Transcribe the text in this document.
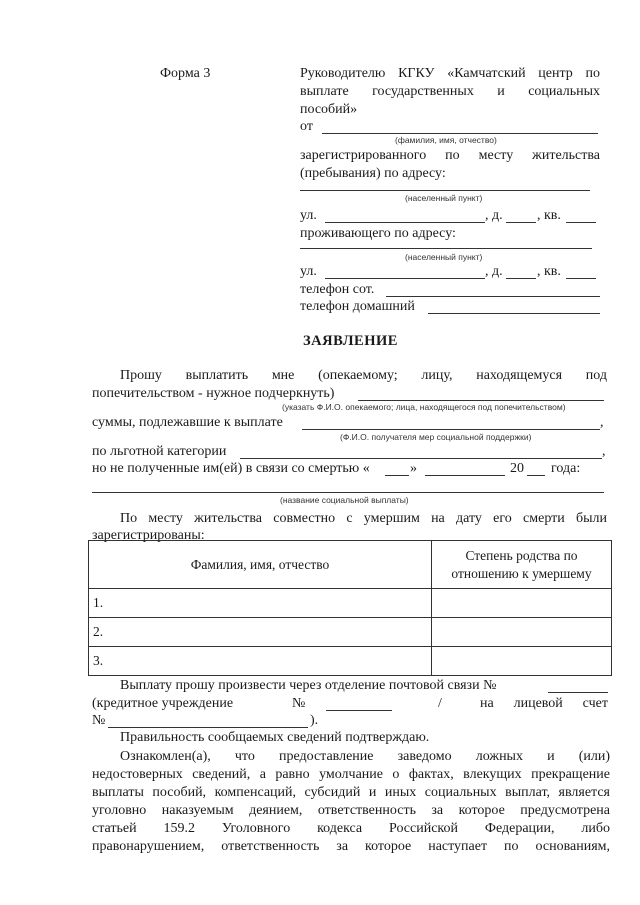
Форма 3	Руководителю КГКУ «Камчатский центр по
выплате государственных и социальных
пособий»
от
(фамилия, имя, отчество)
зарегистрированного по месту жительства
(пребывания) по адресу:
(населенный пункт)
ул.	, д. , кв.
проживающего по адресу:
(населенный пункт)
ул.	, д. , кв.
телефон сот.
телефон домашний
ЗАЯВЛЕНИЕ
Прошу выплатить мне (опекаемому; лицу, находящемуся под
попечительством - нужное подчеркнуть)
(указать Ф.И.О. опекаемого; лица, находящегося под попечительством)
суммы, подлежавшие к выплате	,
(Ф.И.О. получателя мер социальной поддержки)
по льготной категории	,
но не полученные им(ей) в связи со смертью «	»	20 года:
(название социальной выплаты)
По месту жительства совместно с умершим на дату его смерти были
зарегистрированы:
Фамилия, имя, отчество	Степень родства по
отношению к умершему

1.	
2.	
3.	
Выплату прошу произвести через отделение почтовой связи №
(кредитное учреждение	№	/	на лицевой счет
№	).
Правильность сообщаемых сведений подтверждаю.
Ознакомлен(а), что предоставление заведомо ложных и (или)
недостоверных сведений, а равно умолчание о фактах, влекущих прекращение
выплаты пособий, компенсаций, субсидий и иных социальных выплат, является
уголовно наказуемым деянием, ответственность за которое предусмотрена
статьей 159.2 Уголовного кодекса Российской Федерации, либо
правонарушением, ответственность за которое наступает по основаниям,
